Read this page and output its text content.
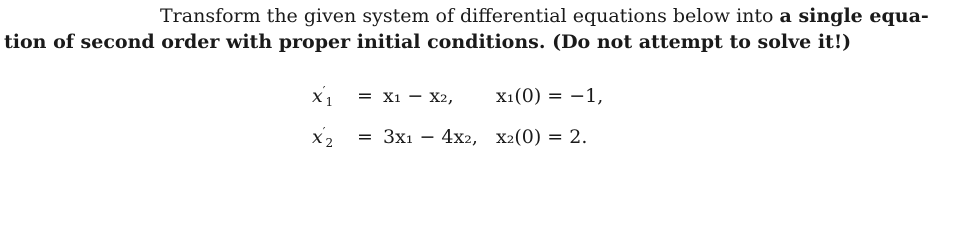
Transform the given system of differential equations below into a single equa-
tion of second order with proper initial conditions. (Do not attempt to solve it!)
$x'_1 = x_1 - x_2$, x₁(0) = −1,
$x'_2 = 3x_1 - 4x_2$, x₂(0) = 2.
